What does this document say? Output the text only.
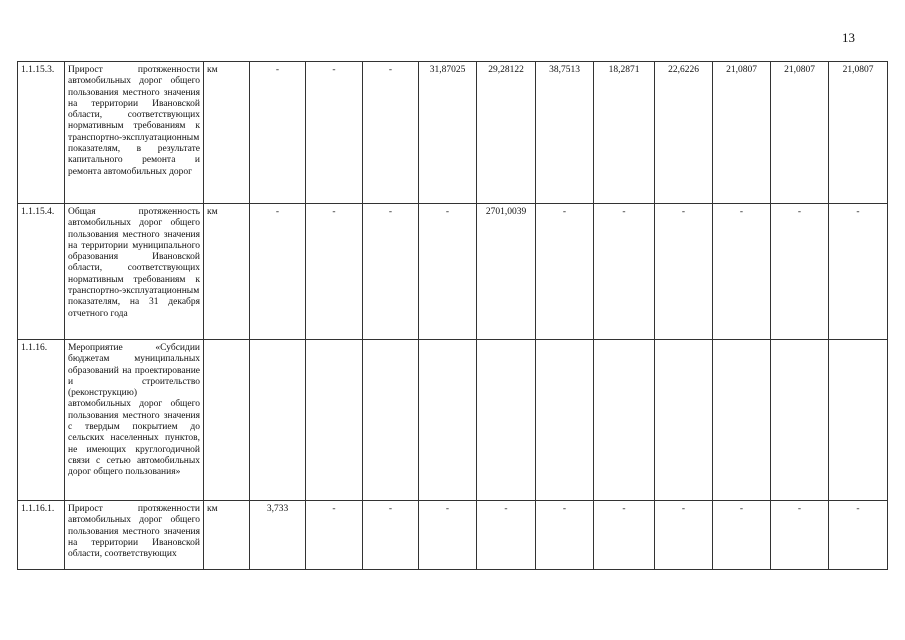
13
1.1.15.3.	Прирост протяженности автомобильных дорог общего пользования местного значения на территории Ивановской области, соответствующих нормативным требованиям к транспортно-эксплуатационным показателям, в результате капитального ремонта и ремонта автомобильных дорог	км	-	-	-	31,87025	29,28122	38,7513	18,2871	22,6226	21,0807	21,0807	21,0807
1.1.15.4.	Общая протяженность автомобильных дорог общего пользования местного значения на территории муниципального образования Ивановской области, соответствующих нормативным требованиям к транспортно-эксплуатационным показателям, на 31 декабря отчетного года	км	-	-	-	-	2701,0039	-	-	-	-	-	-
1.1.16.	Мероприятие «Субсидии бюджетам муниципальных образований на проектирование и строительство (реконструкцию) автомобильных дорог общего пользования местного значения с твердым покрытием до сельских населенных пунктов, не имеющих круглогодичной связи с сетью автомобильных дорог общего пользования»												
1.1.16.1.	Прирост протяженности автомобильных дорог общего пользования местного значения на территории Ивановской области, соответствующих	км	3,733	-	-	-	-	-	-	-	-	-	-
